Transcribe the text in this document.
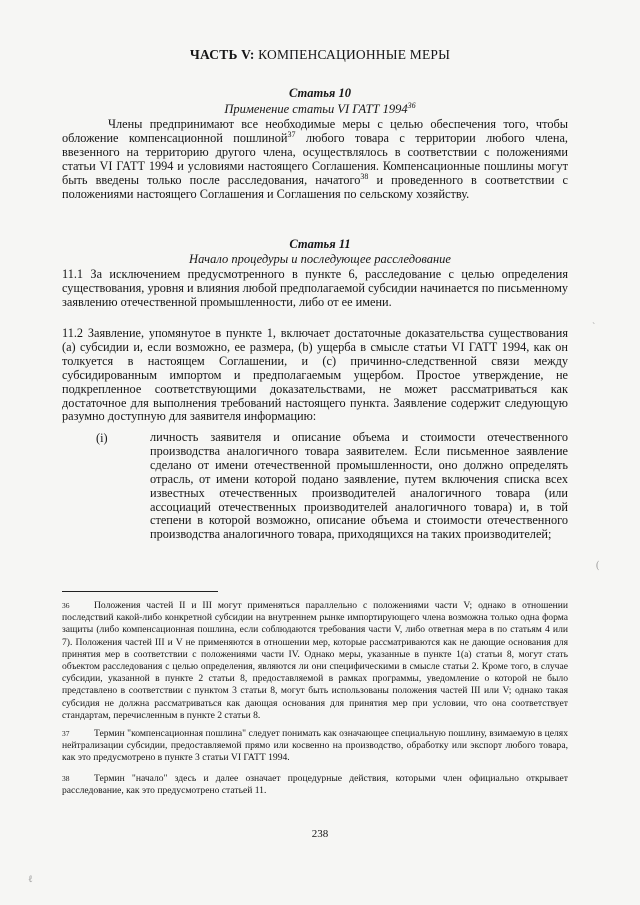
ЧАСТЬ V: КОМПЕНСАЦИОННЫЕ МЕРЫ
Статья 10
Применение статьи VI ГАТТ 1994$^{36}$
Члены предпринимают все необходимые меры с целью обеспечения того, чтобы обложение компенсационной пошлиной$^{37}$ любого товара с территории любого члена, ввезенного на территорию другого члена, осуществлялось в соответствии с положениями статьи VI ГАТТ 1994 и условиями настоящего Соглашения. Компенсационные пошлины могут быть введены только после расследования, начатого$^{38}$ и проведенного в соответствии с положениями настоящего Соглашения и Соглашения по сельскому хозяйству.
Статья 11
Начало процедуры и последующее расследование
11.1 За исключением предусмотренного в пункте 6, расследование с целью определения существования, уровня и влияния любой предполагаемой субсидии начинается по письменному заявлению отечественной промышленности, либо от ее имени.
11.2 Заявление, упомянутое в пункте 1, включает достаточные доказательства существования (a) субсидии и, если возможно, ее размера, (b) ущерба в смысле статьи VI ГАТТ 1994, как он толкуется в настоящем Соглашении, и (c) причинно-следственной связи между субсидированным импортом и предполагаемым ущербом. Простое утверждение, не подкрепленное соответствующими доказательствами, не может рассматриваться как достаточное для выполнения требований настоящего пункта. Заявление содержит следующую разумно доступную для заявителя информацию:
(i)	личность заявителя и описание объема и стоимости отечественного производства аналогичного товара заявителем. Если письменное заявление сделано от имени отечественной промышленности, оно должно определять отрасль, от имени которой подано заявление, путем включения списка всех известных отечественных производителей аналогичного товара (или ассоциаций отечественных производителей аналогичного товара) и, в той степени в которой возможно, описание объема и стоимости отечественного производства аналогичного товара, приходящихся на таких производителей;
36	Положения частей II и III могут применяться параллельно с положениями части V; однако в отношении последствий какой-либо конкретной субсидии на внутреннем рынке импортирующего члена возможна только одна форма защиты (либо компенсационная пошлина, если соблюдаются требования части V, либо ответная мера в по статьям 4 или 7). Положения частей III и V не применяются в отношении мер, которые рассматриваются как не дающие основания для принятия мер в соответствии с положениями части IV. Однако меры, указанные в пункте 1(a) статьи 8, могут стать объектом расследования с целью определения, являются ли они специфическими в смысле статьи 2. Кроме того, в случае субсидии, указанной в пункте 2 статьи 8, предоставляемой в рамках программы, уведомление о которой не было представлено в соответствии с пунктом 3 статьи 8, могут быть использованы положения частей III или V; однако такая субсидия не должна рассматриваться как дающая основания для принятия мер при условии, что она соответствует стандартам, перечисленным в пункте 2 статьи 8.
37	Термин "компенсационная пошлина" следует понимать как означающее специальную пошлину, взимаемую в целях нейтрализации субсидии, предоставляемой прямо или косвенно на производство, обработку или экспорт любого товара, как это предусмотрено в пункте 3 статьи VI ГАТТ 1994.
38	Термин "начало" здесь и далее означает процедурные действия, которыми член официально открывает расследование, как это предусмотрено статьей 11.
238
`
(
ℓ
